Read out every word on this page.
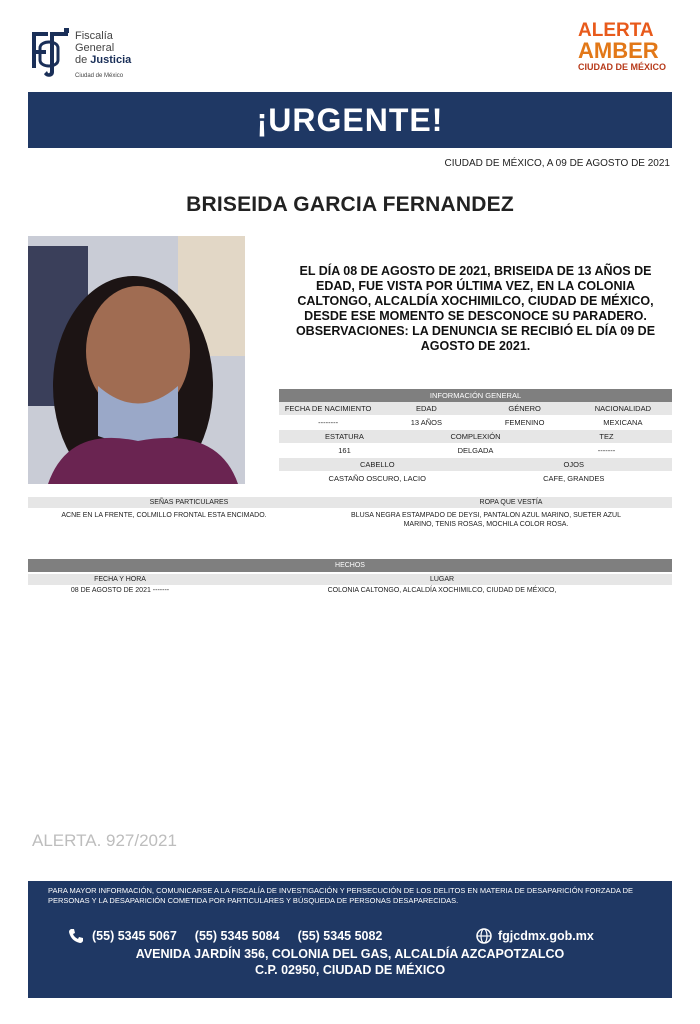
Fiscalía
General
de Justicia
Ciudad de México
ALERTA
AMBER
CIUDAD DE MÉXICO
¡URGENTE!
CIUDAD DE MÉXICO, A 09 DE AGOSTO DE 2021
BRISEIDA GARCIA FERNANDEZ
EL DÍA 08 DE AGOSTO DE 2021, BRISEIDA DE 13 AÑOS DE EDAD, FUE VISTA POR ÚLTIMA VEZ, EN LA COLONIA CALTONGO, ALCALDÍA XOCHIMILCO, CIUDAD DE MÉXICO, DESDE ESE MOMENTO SE DESCONOCE SU PARADERO. OBSERVACIONES: LA DENUNCIA SE RECIBIÓ EL DÍA 09 DE AGOSTO DE 2021.
INFORMACIÓN GENERAL
FECHA DE NACIMIENTO	EDAD	GÉNERO	NACIONALIDAD
--------	13 AÑOS	FEMENINO	MEXICANA
ESTATURA	COMPLEXIÓN	TEZ
161	DELGADA	-------
CABELLO	OJOS
CASTAÑO OSCURO, LACIO	CAFE, GRANDES
SEÑAS PARTICULARES	ROPA QUE VESTÍA
ACNE EN LA FRENTE, COLMILLO FRONTAL ESTA ENCIMADO.	BLUSA NEGRA ESTAMPADO DE DEYSI, PANTALON AZUL MARINO, SUETER AZUL MARINO, TENIS ROSAS, MOCHILA COLOR ROSA.
HECHOS
FECHA Y HORA	LUGAR
08 DE AGOSTO DE 2021 -------	COLONIA CALTONGO, ALCALDÍA XOCHIMILCO, CIUDAD DE MÉXICO,
ALERTA. 927/2021
PARA MAYOR INFORMACIÓN, COMUNICARSE A LA FISCALÍA DE INVESTIGACIÓN Y PERSECUCIÓN DE LOS DELITOS EN MATERIA DE DESAPARICIÓN FORZADA DE PERSONAS Y LA DESAPARICIÓN COMETIDA POR PARTICULARES Y BÚSQUEDA DE PERSONAS DESAPARECIDAS.
(55) 5345 5067 (55) 5345 5084 (55) 5345 5082	fgjcdmx.gob.mx
AVENIDA JARDÍN 356, COLONIA DEL GAS, ALCALDÍA AZCAPOTZALCO
C.P. 02950, CIUDAD DE MÉXICO
